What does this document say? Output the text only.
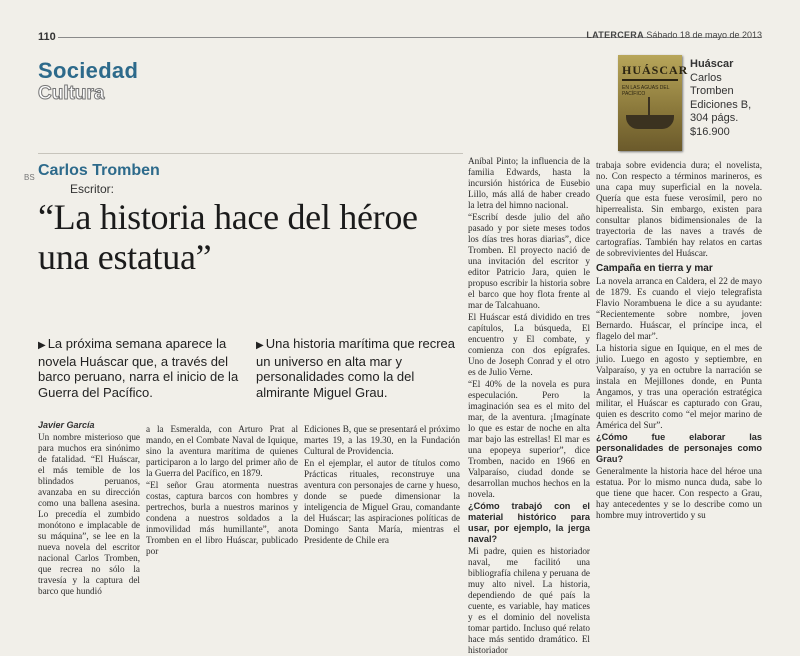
110	LATERCERA Sábado 18 de mayo de 2013
Sociedad
Cultura
HUÁSCAR
EN LAS AGUAS DEL PACÍFICO
Huáscar
Carlos
Tromben
Ediciones B,
304 págs.
$16.900
BS Carlos Tromben
Escritor:
“La historia hace del héroe una estatua”
▶ La próxima semana aparece la novela Huáscar que, a través del barco peruano, narra el inicio de la Guerra del Pacífico.
▶ Una historia marítima que recrea un universo en alta mar y personalidades como la del almirante Miguel Grau.
Javier García

Un nombre misterioso que para muchos era sinónimo de fatalidad. “El Huáscar, el más temible de los blindados peruanos, avanzaba en su dirección como una ballena asesina. Lo precedía el zumbido monótono e implacable de su máquina”, se lee en la nueva novela del escritor nacional Carlos Tromben, que recrea no sólo la travesía y la captura del barco que hundió

a la Esmeralda, con Arturo Prat al mando, en el Combate Naval de Iquique, sino la aventura marítima de quienes participaron a lo largo del primer año de la Guerra del Pacífico, en 1879.

“El señor Grau atormenta nuestras costas, captura barcos con hombres y pertrechos, burla a nuestros marinos y condena a nuestros soldados a la inmovilidad más humillante”, anota Tromben en el libro Huáscar, publicado por

Ediciones B, que se presentará el próximo martes 19, a las 19.30, en la Fundación Cultural de Providencia.

En el ejemplar, el autor de títulos como Prácticas rituales, reconstruye una aventura con personajes de carne y hueso, donde se puede dimensionar la inteligencia de Miguel Grau, comandante del Huáscar; las aspiraciones políticas de Domingo Santa María, mientras el Presidente de Chile era

Aníbal Pinto; la influencia de la familia Edwards, hasta la incursión histórica de Eusebio Lillo, más allá de haber creado la letra del himno nacional.

“Escribí desde julio del año pasado y por siete meses todos los días tres horas diarias”, dice Tromben. El proyecto nació de una invitación del escritor y editor Patricio Jara, quien le propuso escribir la historia sobre el barco que hoy flota frente al mar de Talcahuano.

El Huáscar está dividido en tres capítulos, La búsqueda, El encuentro y El combate, y comienza con dos epígrafes. Uno de Joseph Conrad y el otro es de Julio Verne.

“El 40% de la novela es pura especulación. Pero la imaginación sea es el mito del mar, de la aventura. ¡Imagínate lo que es estar de noche en alta mar bajo las estrellas! El mar es una epopeya superior”, dice Tromben, nacido en 1966 en Valparaíso, ciudad donde se desarrollan muchos hechos en la novela.

¿Cómo trabajó con el material histórico para usar, por ejemplo, la jerga naval?

Mi padre, quien es historiador naval, me facilitó una bibliografía chilena y peruana de muy alto nivel. La historia, dependiendo de qué país la cuente, es variable, hay matices y es el dominio del novelista tomar partido. Incluso qué relato hace más sentido dramático. El historiador

trabaja sobre evidencia dura; el novelista, no. Con respecto a términos marineros, es una capa muy superficial en la novela. Quería que esta fuese verosímil, pero no hiperrealista. Sin embargo, existen para consultar planos bidimensionales de la trayectoria de las naves a través de cartografías. También hay relatos en cartas de sobrevivientes del Huáscar.

Campaña en tierra y mar

La novela arranca en Caldera, el 22 de mayo de 1879. Es cuando el viejo telegrafista Flavio Norambuena le dice a su ayudante: “Recientemente sobre nombre, joven Bernardo. Huáscar, el príncipe inca, el flagelo del mar”.

La historia sigue en Iquique, en el mes de julio. Luego en agosto y septiembre, en Valparaíso, y ya en octubre la narración se instala en Mejillones donde, en Punta Angamos, y tras una operación estratégica militar, el Huáscar es capturado con Grau, quien es descrito como “el mejor marino de América del Sur”.

¿Cómo fue elaborar las personalidades de personajes como Grau?

Generalmente la historia hace del héroe una estatua. Por lo mismo nunca duda, sabe lo que tiene que hacer. Con respecto a Grau, hay antecedentes y se lo describe como un hombre muy introvertido y su
